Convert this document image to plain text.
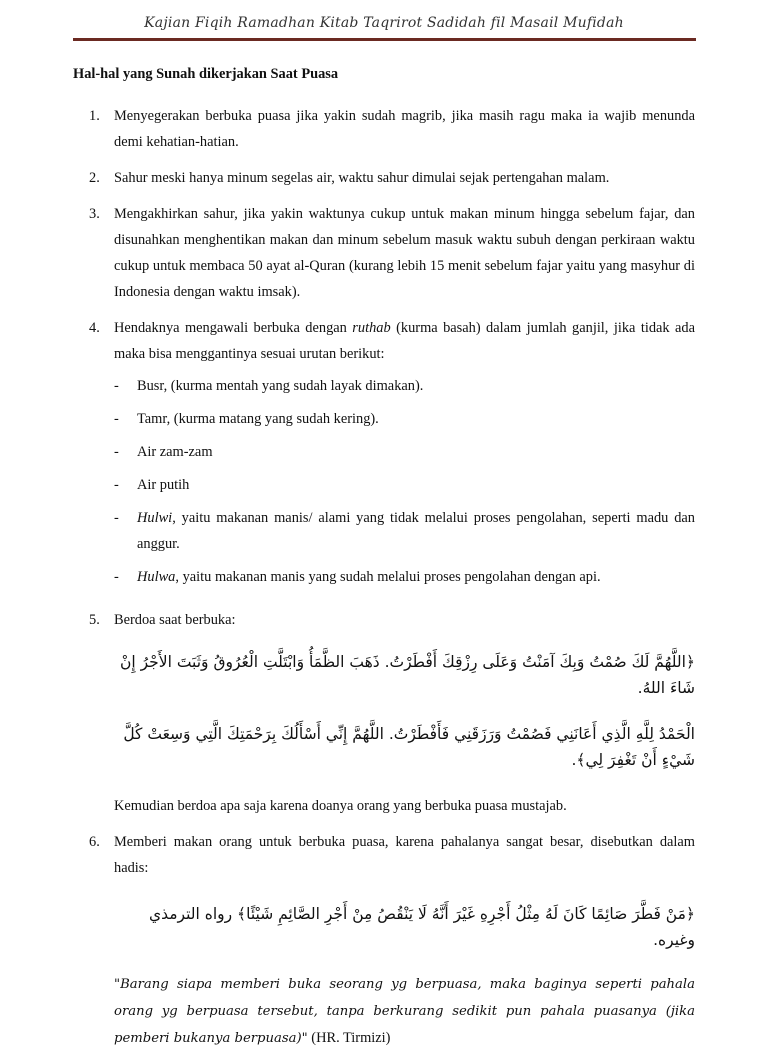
Kajian Fiqih Ramadhan Kitab Taqrirot Sadidah fil Masail Mufidah
Hal-hal yang Sunah dikerjakan Saat Puasa
1. Menyegerakan berbuka puasa jika yakin sudah magrib, jika masih ragu maka ia wajib menunda demi kehatian-hatian.
2. Sahur meski hanya minum segelas air, waktu sahur dimulai sejak pertengahan malam.
3. Mengakhirkan sahur, jika yakin waktunya cukup untuk makan minum hingga sebelum fajar, dan disunahkan menghentikan makan dan minum sebelum masuk waktu subuh dengan perkiraan waktu cukup untuk membaca 50 ayat al-Quran (kurang lebih 15 menit sebelum fajar yaitu yang masyhur di Indonesia dengan waktu imsak).
4. Hendaknya mengawali berbuka dengan ruthab (kurma basah) dalam jumlah ganjil, jika tidak ada maka bisa menggantinya sesuai urutan berikut:
-	Busr, (kurma mentah yang sudah layak dimakan).
-	Tamr, (kurma matang yang sudah kering).
-	Air zam-zam
-	Air putih
-	Hulwi, yaitu makanan manis/ alami yang tidak melalui proses pengolahan, seperti madu dan anggur.
-	Hulwa, yaitu makanan manis yang sudah melalui proses pengolahan dengan api.
5. Berdoa saat berbuka:
﴿اللَّهُمَّ لَكَ صُمْتُ وَبِكَ آمَنْتُ وَعَلَى رِزْقِكَ أَفْطَرْتُ. ذَهَبَ الظَّمَأُ وَابْتَلَّتِ الْعُرُوقُ وَثَبَتَ الأَجْرُ إِنْ شَاءَ اللهُ.
الْحَمْدُ لِلَّهِ الَّذِي أَعَانَنِي فَصُمْتُ وَرَزَقَنِي فَأَفْطَرْتُ. اللَّهُمَّ إِنِّي أَسْأَلُكَ بِرَحْمَتِكَ الَّتِي وَسِعَتْ كُلَّ شَيْءٍ أَنْ تَغْفِرَ لِي﴾.
Kemudian berdoa apa saja karena doanya orang yang berbuka puasa mustajab.
6. Memberi makan orang untuk berbuka puasa, karena pahalanya sangat besar, disebutkan dalam hadis:
﴿مَنْ فَطَّرَ صَائِمًا كَانَ لَهُ مِثْلُ أَجْرِهِ غَيْرَ أَنَّهُ لَا يَنْقُصُ مِنْ أَجْرِ الصَّائِمِ شَيْئًا﴾ رواه الترمذي وغيره.
"Barang siapa memberi buka seorang yg berpuasa, maka baginya seperti pahala orang yg berpuasa tersebut, tanpa berkurang sedikit pun pahala puasanya (jika pemberi bukanya berpuasa)" (HR. Tirmizi)
